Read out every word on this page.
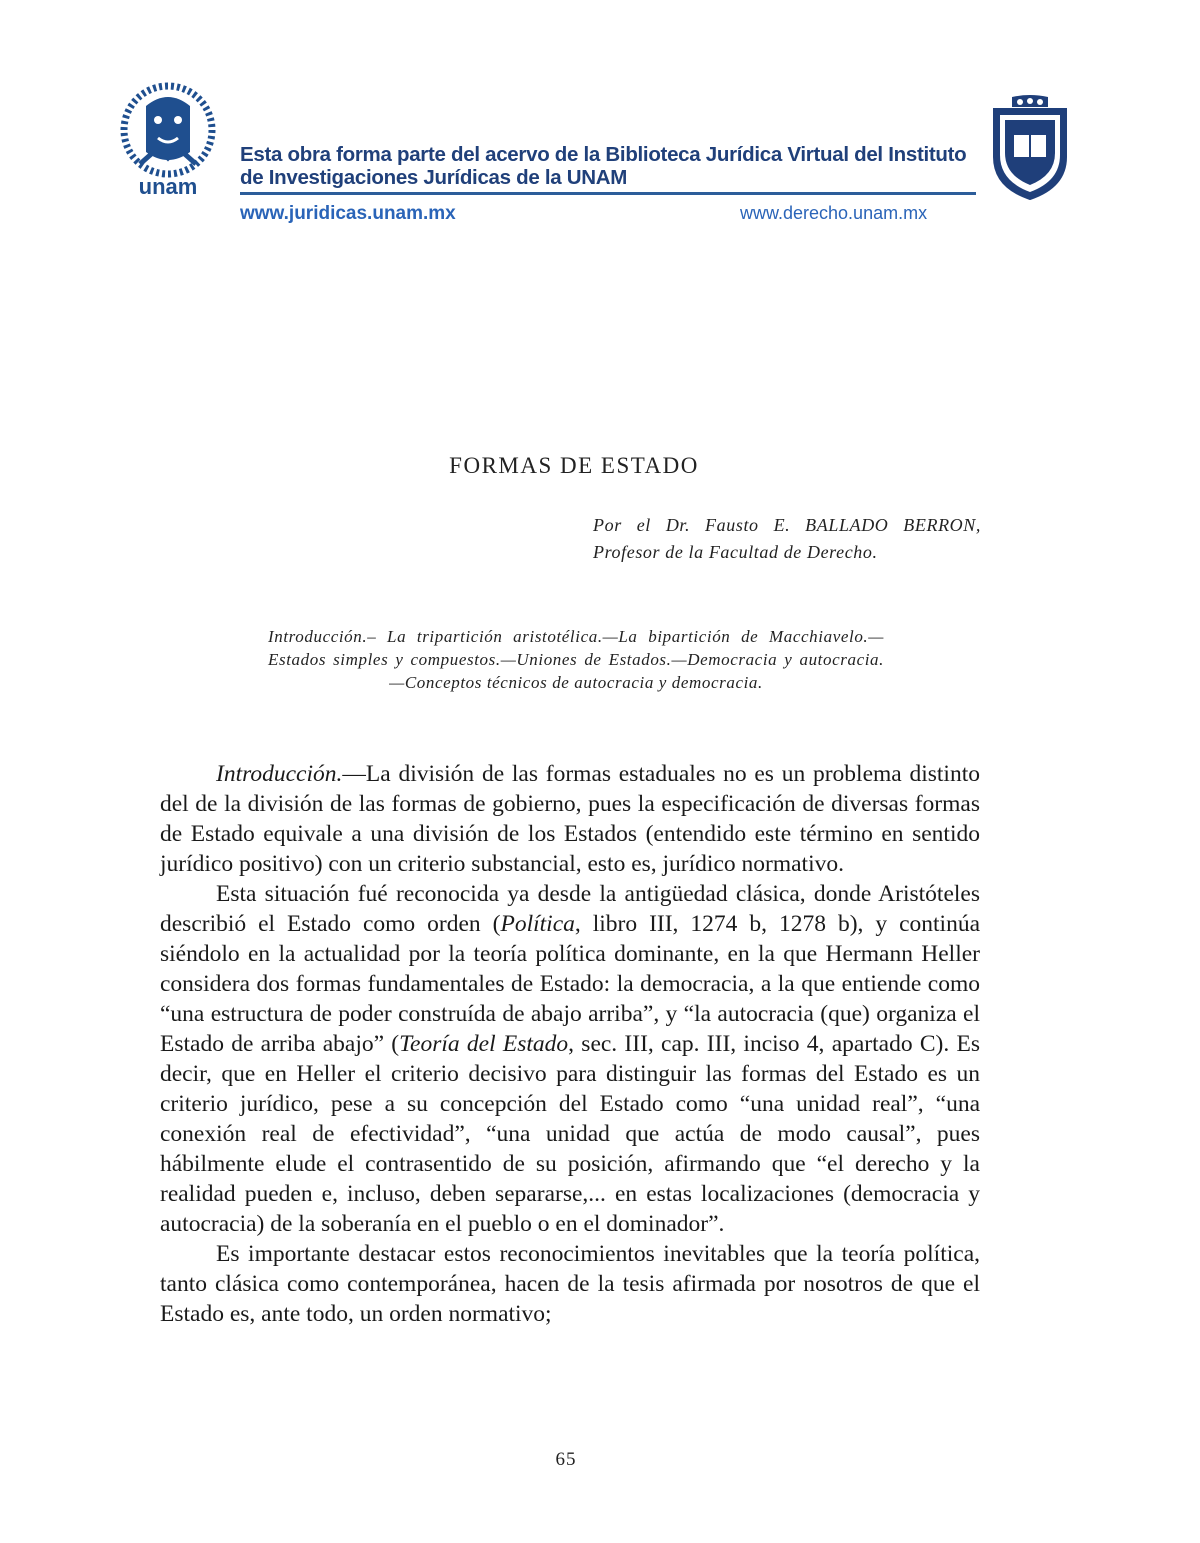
unam
Esta obra forma parte del acervo de la Biblioteca Jurídica Virtual del Instituto de Investigaciones Jurídicas de la UNAM
www.juridicas.unam.mx	www.derecho.unam.mx
FORMAS DE ESTADO
Por el Dr. Fausto E. BALLADO BERRON, Profesor de la Facultad de Derecho.
Introducción.– La tripartición aristotélica.—La bipartición de Macchiavelo.—Estados simples y compuestos.—Uniones de Estados.—Democracia y autocracia.—Conceptos técnicos de autocracia y democracia.

Introducción.—La división de las formas estaduales no es un problema distinto del de la división de las formas de gobierno, pues la especificación de diversas formas de Estado equivale a una división de los Estados (entendido este término en sentido jurídico positivo) con un criterio substancial, esto es, jurídico normativo.

Esta situación fué reconocida ya desde la antigüedad clásica, donde Aristóteles describió el Estado como orden (Política, libro III, 1274 b, 1278 b), y continúa siéndolo en la actualidad por la teoría política dominante, en la que Hermann Heller considera dos formas fundamentales de Estado: la democracia, a la que entiende como “una estructura de poder construída de abajo arriba”, y “la autocracia (que) organiza el Estado de arriba abajo” (Teoría del Estado, sec. III, cap. III, inciso 4, apartado C). Es decir, que en Heller el criterio decisivo para distinguir las formas del Estado es un criterio jurídico, pese a su concepción del Estado como “una unidad real”, “una conexión real de efectividad”, “una unidad que actúa de modo causal”, pues hábilmente elude el contrasentido de su posición, afirmando que “el derecho y la realidad pueden e, incluso, deben separarse,... en estas localizaciones (democracia y autocracia) de la soberanía en el pueblo o en el dominador”.

Es importante destacar estos reconocimientos inevitables que la teoría política, tanto clásica como contemporánea, hacen de la tesis afirmada por nosotros de que el Estado es, ante todo, un orden normativo;

65
